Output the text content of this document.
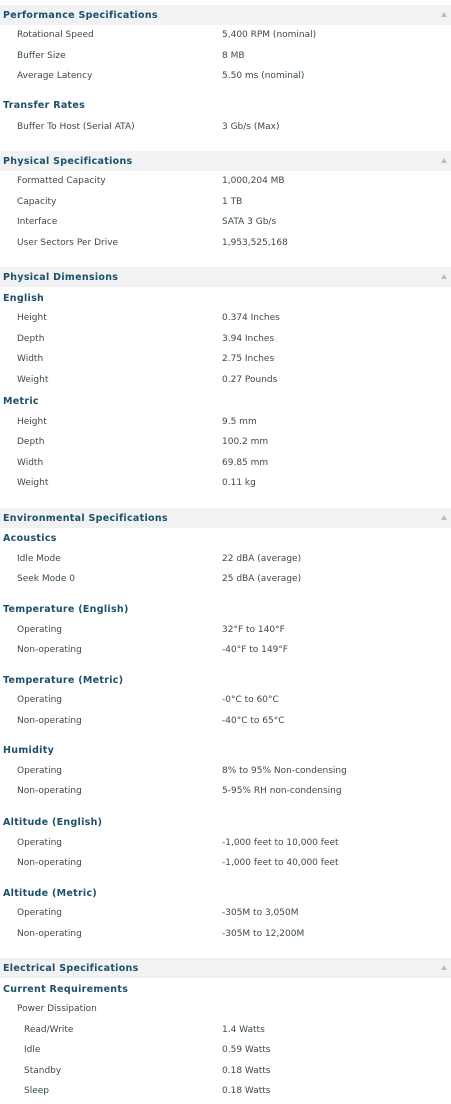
Performance Specifications
Rotational Speed	5,400 RPM (nominal)
Buffer Size	8 MB
Average Latency	5.50 ms (nominal)
Transfer Rates
Buffer To Host (Serial ATA)	3 Gb/s (Max)
Physical Specifications
Formatted Capacity	1,000,204 MB
Capacity	1 TB
Interface	SATA 3 Gb/s
User Sectors Per Drive	1,953,525,168
Physical Dimensions
English
Height	0.374 Inches
Depth	3.94 Inches
Width	2.75 Inches
Weight	0.27 Pounds
Metric
Height	9.5 mm
Depth	100.2 mm
Width	69.85 mm
Weight	0.11 kg
Environmental Specifications
Acoustics
Idle Mode	22 dBA (average)
Seek Mode 0	25 dBA (average)
Temperature (English)
Operating	32°F to 140°F
Non-operating	-40°F to 149°F
Temperature (Metric)
Operating	-0°C to 60°C
Non-operating	-40°C to 65°C
Humidity
Operating	8% to 95% Non-condensing
Non-operating	5-95% RH non-condensing
Altitude (English)
Operating	-1,000 feet to 10,000 feet
Non-operating	-1,000 feet to 40,000 feet
Altitude (Metric)
Operating	-305M to 3,050M
Non-operating	-305M to 12,200M
Electrical Specifications
Current Requirements
Power Dissipation
Read/Write	1.4 Watts
Idle	0.59 Watts
Standby	0.18 Watts
Sleep	0.18 Watts
